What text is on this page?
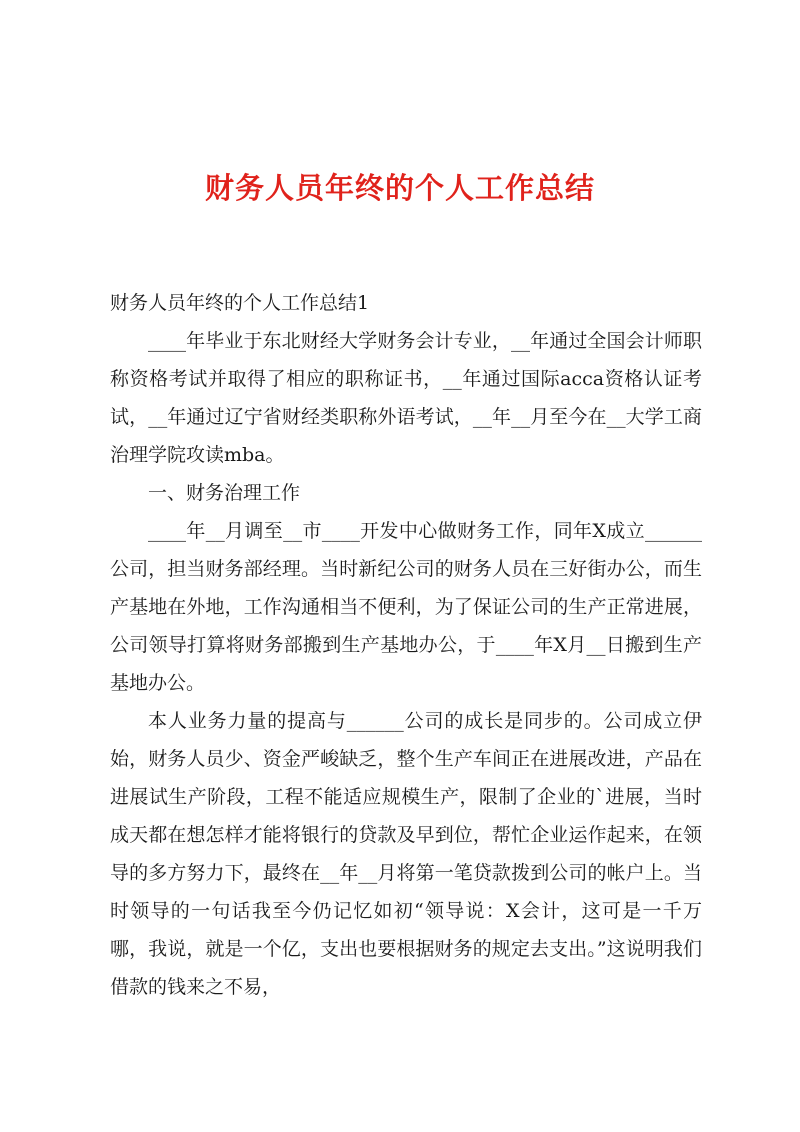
财务人员年终的个人工作总结

财务人员年终的个人工作总结1

____年毕业于东北财经大学财务会计专业，__年通过全国会计师职称资格考试并取得了相应的职称证书，__年通过国际acca资格认证考试，__年通过辽宁省财经类职称外语考试，__年__月至今在__大学工商治理学院攻读mba。

一、财务治理工作

____年__月调至__市____开发中心做财务工作，同年X成立______公司，担当财务部经理。当时新纪公司的财务人员在三好街办公，而生产基地在外地，工作沟通相当不便利，为了保证公司的生产正常进展，公司领导打算将财务部搬到生产基地办公，于____年X月__日搬到生产基地办公。

本人业务力量的提高与______公司的成长是同步的。公司成立伊始，财务人员少、资金严峻缺乏，整个生产车间正在进展改进，产品在进展试生产阶段，工程不能适应规模生产，限制了企业的`进展，当时成天都在想怎样才能将银行的贷款及早到位，帮忙企业运作起来，在领导的多方努力下，最终在__年__月将第一笔贷款拨到公司的帐户上。当时领导的一句话我至今仍记忆如初“领导说：X会计，这可是一千万哪，我说，就是一个亿，支出也要根据财务的规定去支出。”这说明我们借款的钱来之不易，
